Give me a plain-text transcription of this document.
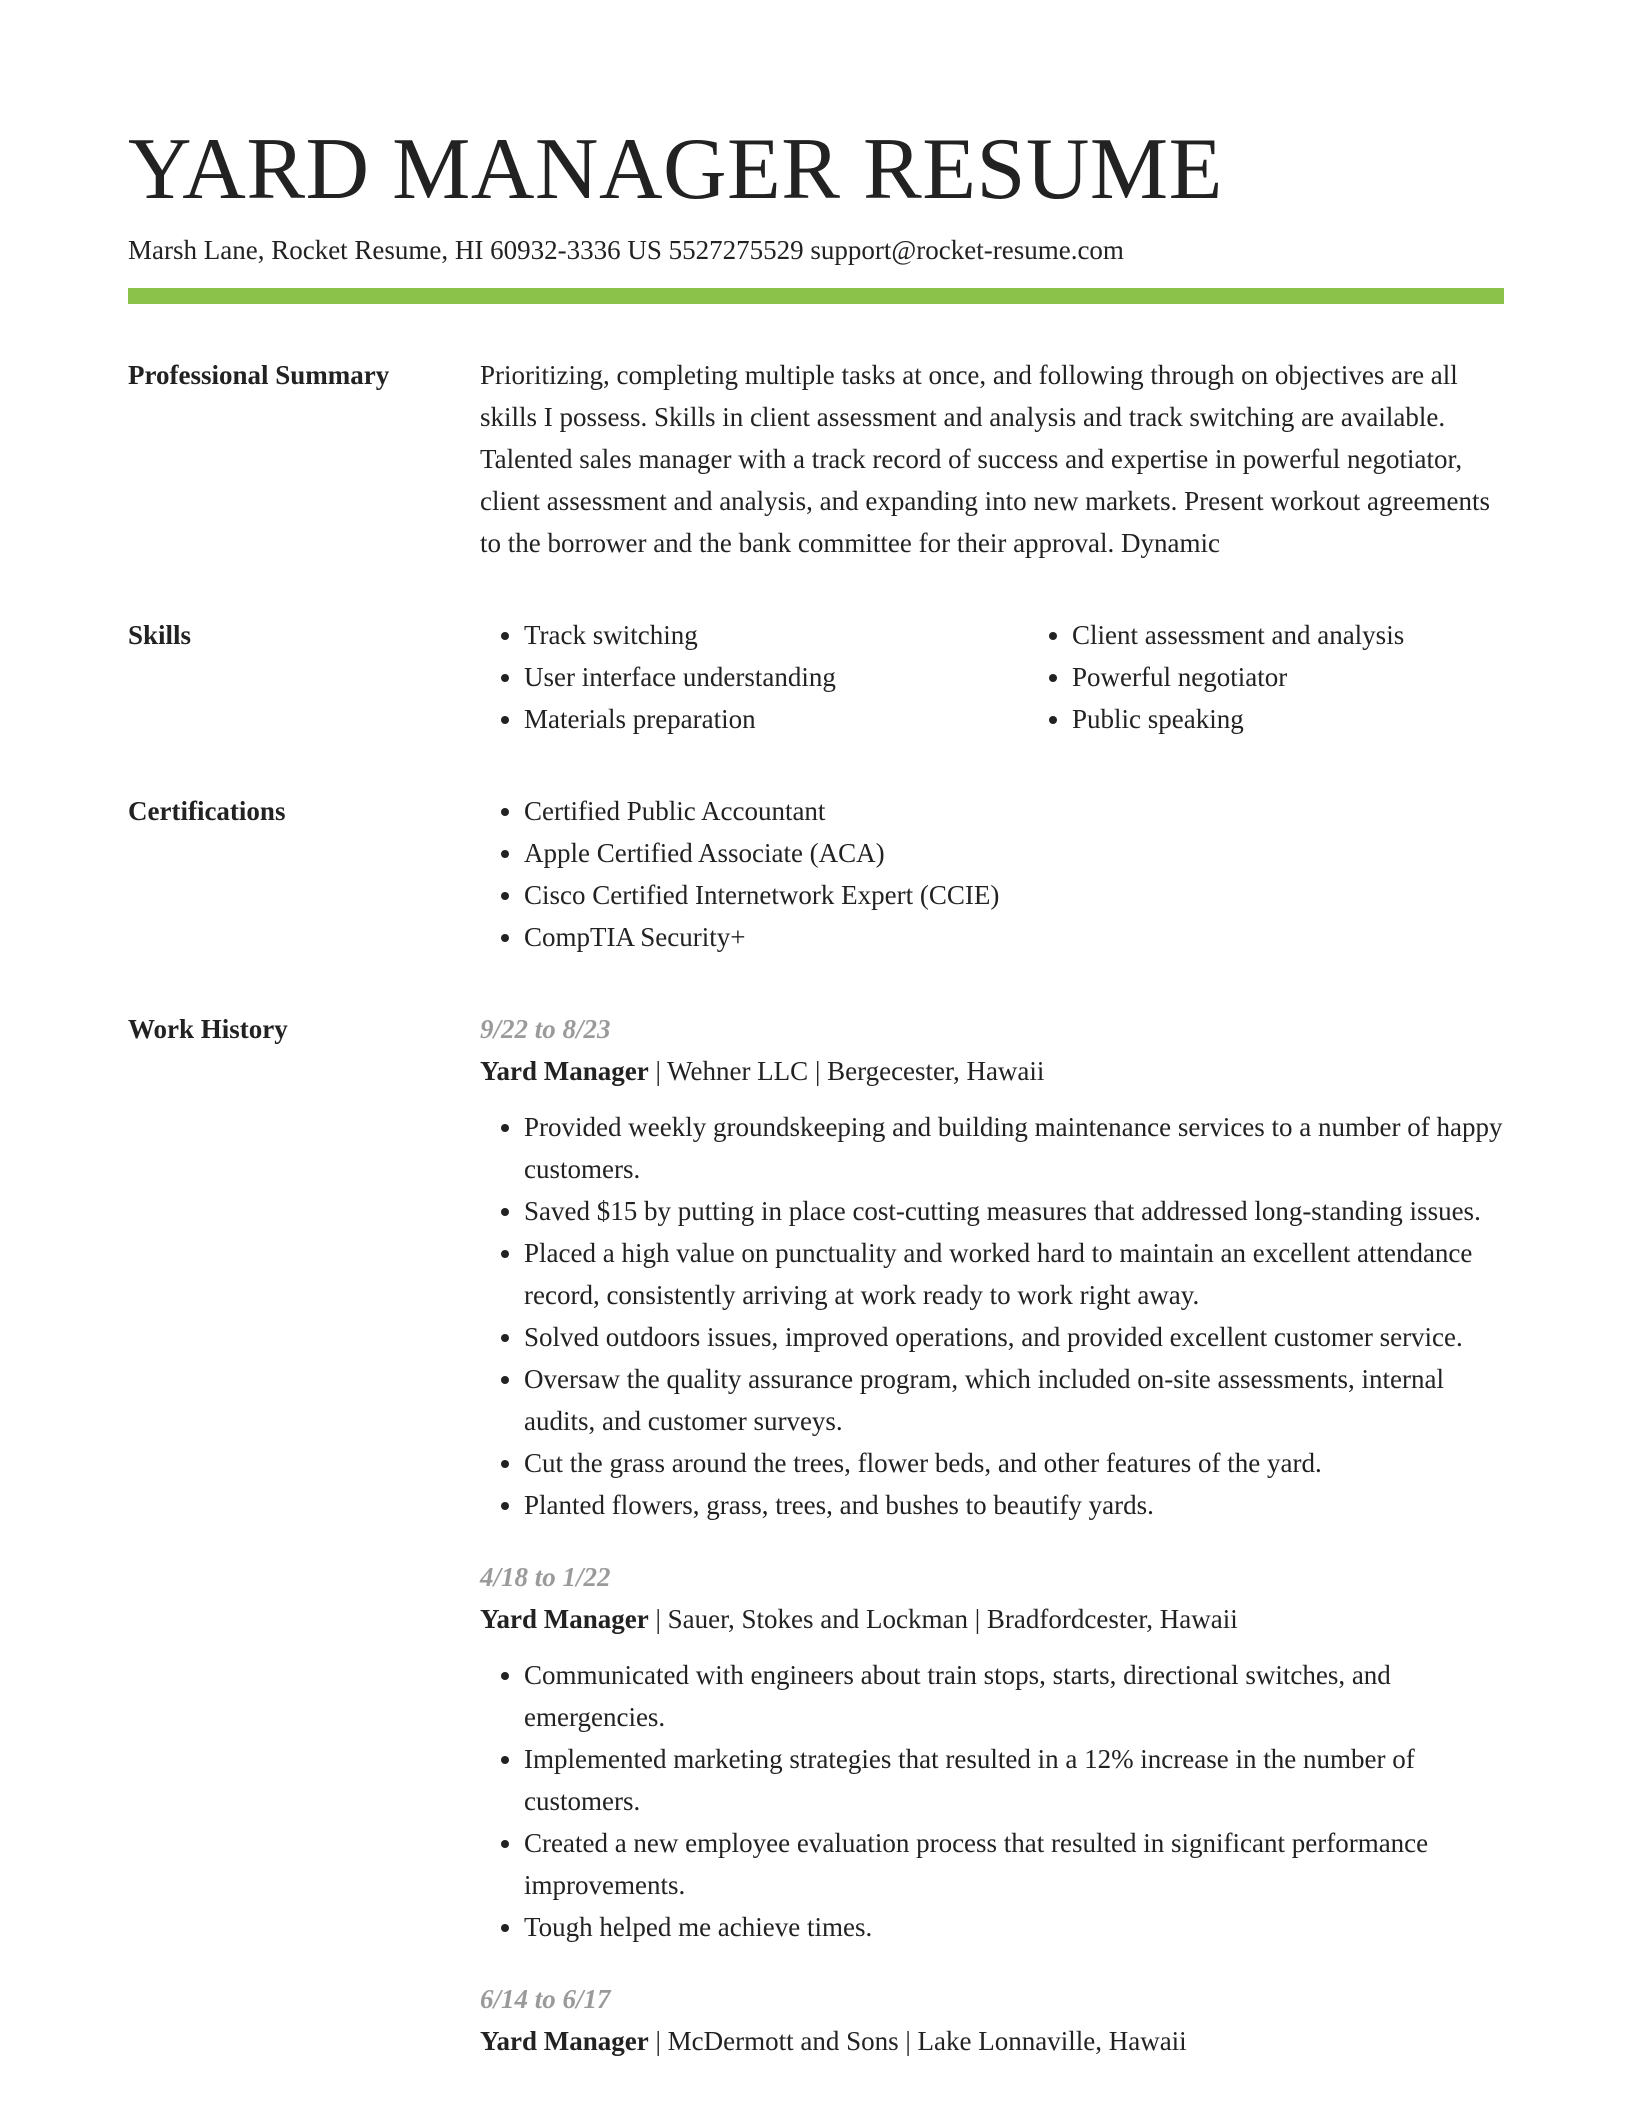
YARD MANAGER RESUME
Marsh Lane, Rocket Resume, HI 60932-3336 US 5527275529 support@rocket-resume.com
Professional Summary	Prioritizing, completing multiple tasks at once, and following through on objectives are all skills I possess. Skills in client assessment and analysis and track switching are available. Talented sales manager with a track record of success and expertise in powerful negotiator, client assessment and analysis, and expanding into new markets. Present workout agreements to the borrower and the bank committee for their approval. Dynamic

Skills	• Track switching
• User interface understanding
• Materials preparation
• Client assessment and analysis
• Powerful negotiator
• Public speaking
Certifications	• Certified Public Accountant
• Apple Certified Associate (ACA)
• Cisco Certified Internetwork Expert (CCIE)
• CompTIA Security+
Work History	9/22 to 8/23
Yard Manager | Wehner LLC | Bergecester, Hawaii
• Provided weekly groundskeeping and building maintenance services to a number of happy customers.
• Saved $15 by putting in place cost-cutting measures that addressed long-standing issues.
• Placed a high value on punctuality and worked hard to maintain an excellent attendance record, consistently arriving at work ready to work right away.
• Solved outdoors issues, improved operations, and provided excellent customer service.
• Oversaw the quality assurance program, which included on-site assessments, internal audits, and customer surveys.
• Cut the grass around the trees, flower beds, and other features of the yard.
• Planted flowers, grass, trees, and bushes to beautify yards.
4/18 to 1/22
Yard Manager | Sauer, Stokes and Lockman | Bradfordcester, Hawaii
• Communicated with engineers about train stops, starts, directional switches, and emergencies.
• Implemented marketing strategies that resulted in a 12% increase in the number of customers.
• Created a new employee evaluation process that resulted in significant performance improvements.
• Tough helped me achieve times.
6/14 to 6/17
Yard Manager | McDermott and Sons | Lake Lonnaville, Hawaii
